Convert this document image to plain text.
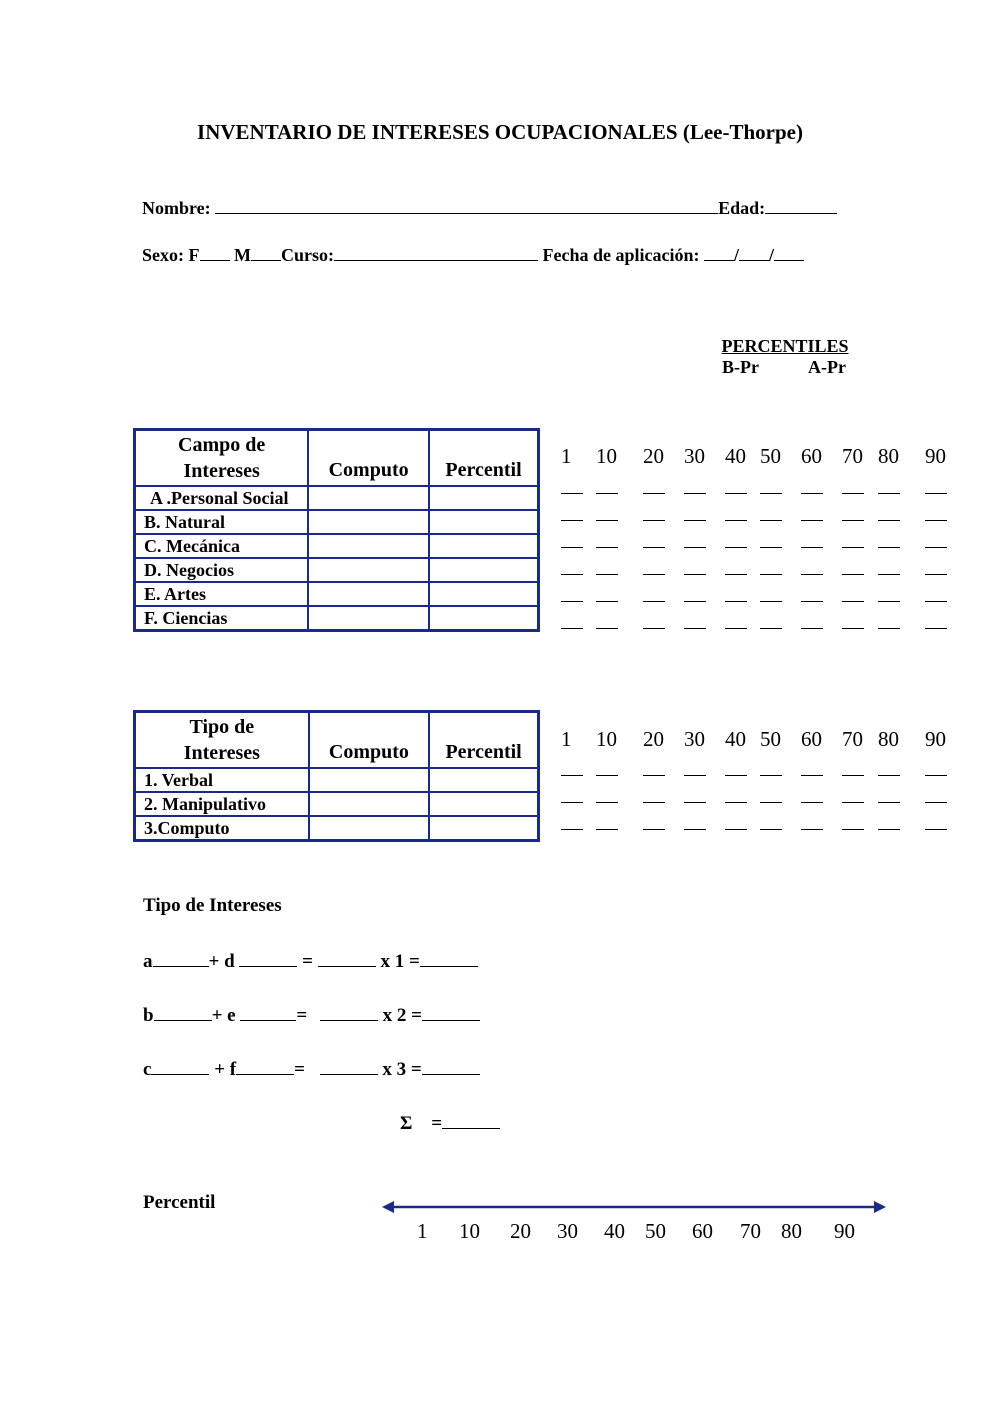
INVENTARIO DE INTERESES OCUPACIONALES (Lee-Thorpe)
Nombre:	Edad:
Sexo: F M Curso:	Fecha de aplicación: / /
PERCENTILES
B-Pr	A-Pr
Campo de
Intereses	Computo	Percentil
A .Personal Social		
B. Natural		
C. Mecánica		
D. Negocios		
E. Artes		
F. Ciencias		
Tipo de
Intereses	Computo	Percentil
1. Verbal		
2. Manipulativo		
3.Computo		
1 10 20 30 40 50 60 70 80 90
1 10 20 30 40 50 60 70 80 90
Tipo de Intereses
a	+ d	=	x 1 =
b	+ e	=	x 2 =
c	+ f	=	x 3 =
Σ =
Percentil
1 10 20 30 40 50 60 70 80 90
